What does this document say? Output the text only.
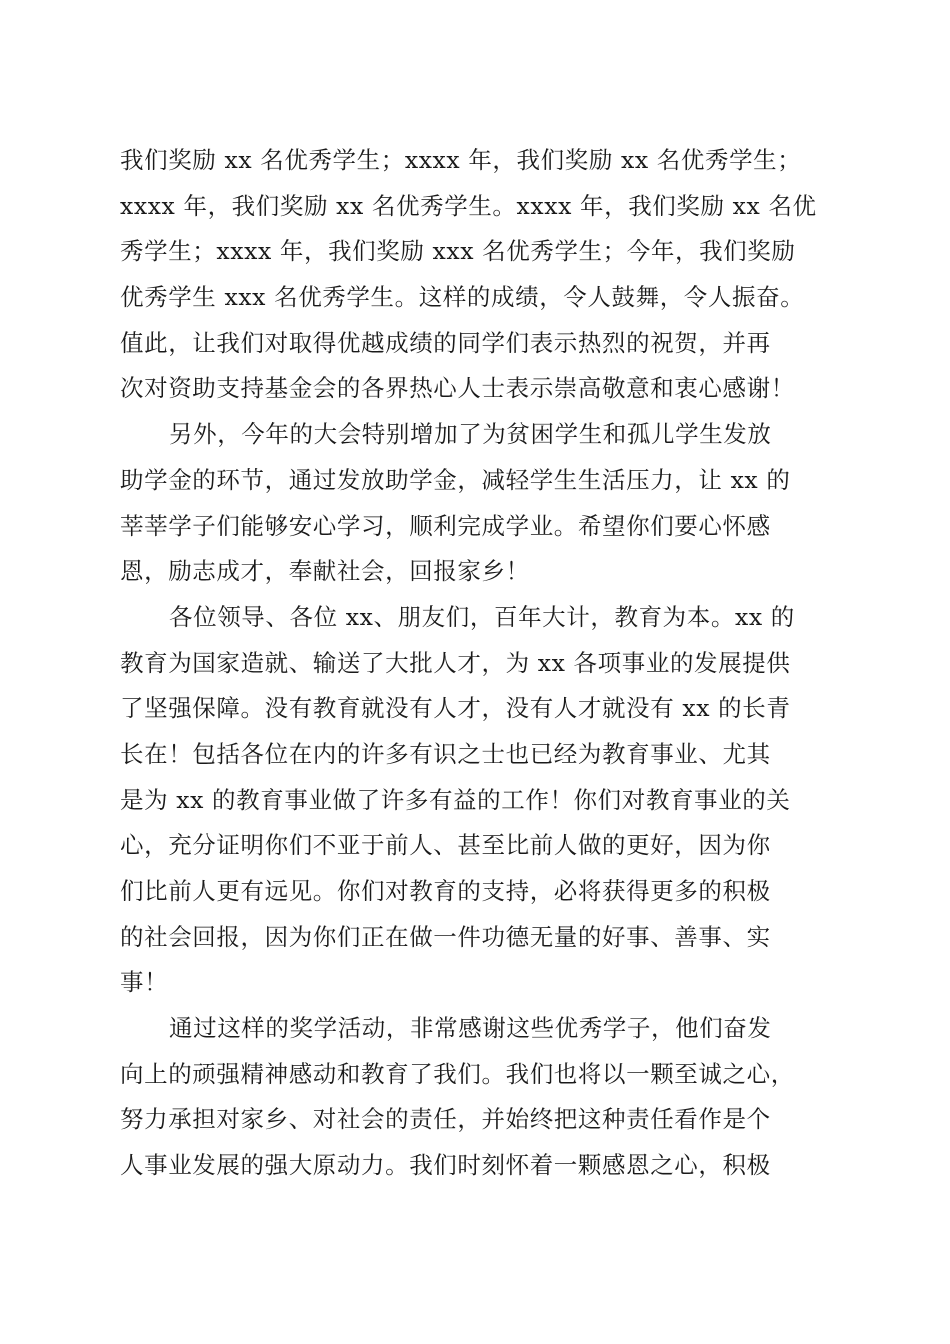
我们奖励 xx 名优秀学生；xxxx 年，我们奖励 xx 名优秀学生；
xxxx 年，我们奖励 xx 名优秀学生。xxxx 年，我们奖励 xx 名优
秀学生；xxxx 年，我们奖励 xxx 名优秀学生；今年，我们奖励
优秀学生 xxx 名优秀学生。这样的成绩，令人鼓舞，令人振奋。
值此，让我们对取得优越成绩的同学们表示热烈的祝贺，并再
次对资助支持基金会的各界热心人士表示崇高敬意和衷心感谢！
另外，今年的大会特别增加了为贫困学生和孤儿学生发放
助学金的环节，通过发放助学金，减轻学生生活压力，让 xx 的
莘莘学子们能够安心学习，顺利完成学业。希望你们要心怀感
恩，励志成才，奉献社会，回报家乡！
各位领导、各位 xx、朋友们，百年大计，教育为本。xx 的
教育为国家造就、输送了大批人才，为 xx 各项事业的发展提供
了坚强保障。没有教育就没有人才，没有人才就没有 xx 的长青
长在！包括各位在内的许多有识之士也已经为教育事业、尤其
是为 xx 的教育事业做了许多有益的工作！你们对教育事业的关
心，充分证明你们不亚于前人、甚至比前人做的更好，因为你
们比前人更有远见。你们对教育的支持，必将获得更多的积极
的社会回报，因为你们正在做一件功德无量的好事、善事、实
事！
通过这样的奖学活动，非常感谢这些优秀学子，他们奋发
向上的顽强精神感动和教育了我们。我们也将以一颗至诚之心，
努力承担对家乡、对社会的责任，并始终把这种责任看作是个
人事业发展的强大原动力。我们时刻怀着一颗感恩之心，积极
